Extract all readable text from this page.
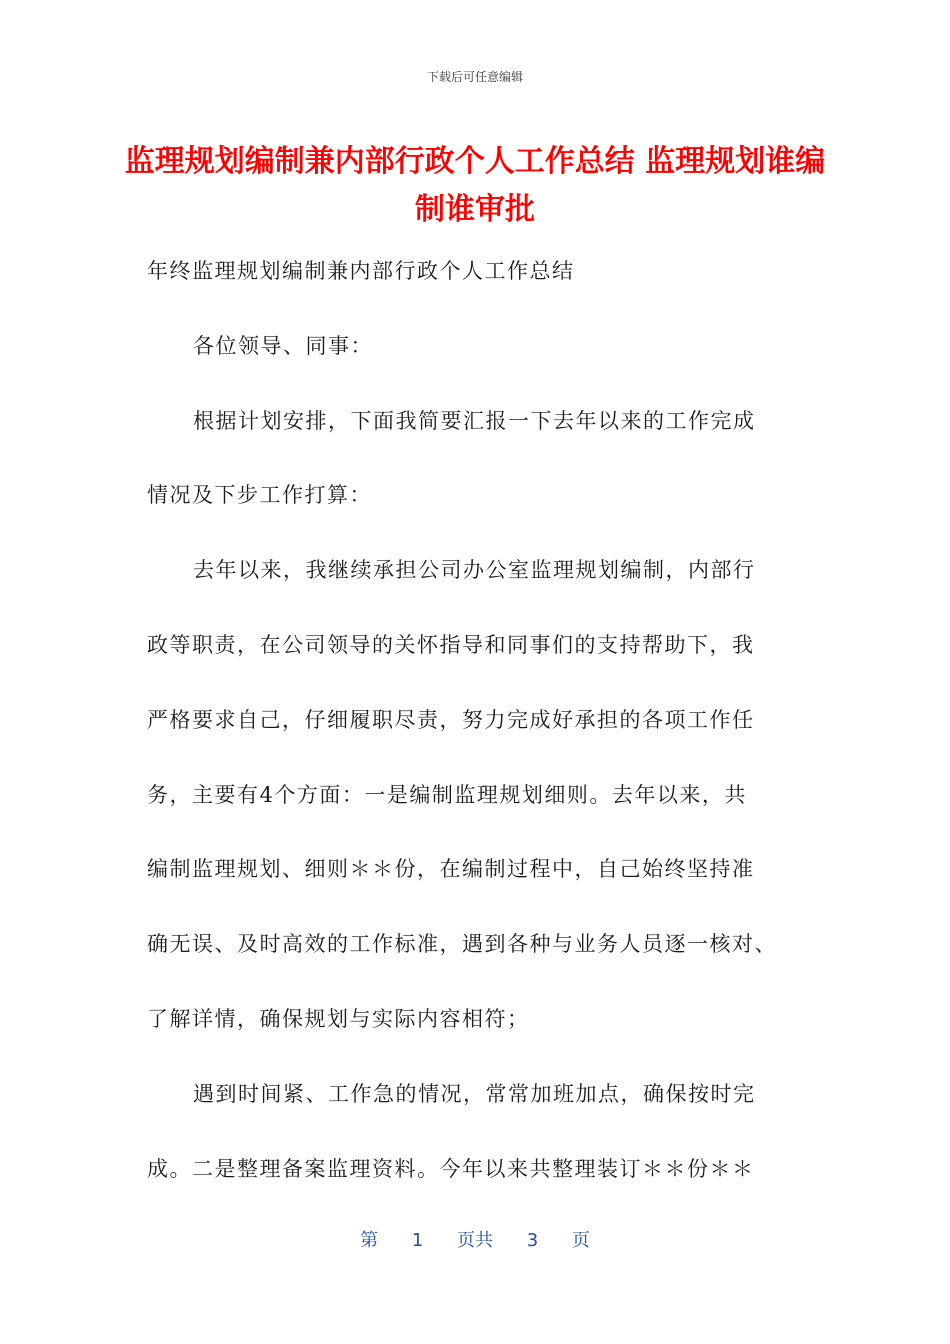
下载后可任意编辑
监理规划编制兼内部行政个人工作总结 监理规划谁编制谁审批
年终监理规划编制兼内部行政个人工作总结
各位领导、同事：
根据计划安排，下面我简要汇报一下去年以来的工作完成
情况及下步工作打算：
去年以来，我继续承担公司办公室监理规划编制，内部行
政等职责，在公司领导的关怀指导和同事们的支持帮助下，我
严格要求自己，仔细履职尽责，努力完成好承担的各项工作任
务，主要有4个方面：一是编制监理规划细则。去年以来，共
编制监理规划、细则＊＊份，在编制过程中，自己始终坚持准
确无误、及时高效的工作标准，遇到各种与业务人员逐一核对、
了解详情，确保规划与实际内容相符；
遇到时间紧、工作急的情况，常常加班加点，确保按时完
成。二是整理备案监理资料。今年以来共整理装订＊＊份＊＊
第 1 页共 3 页
